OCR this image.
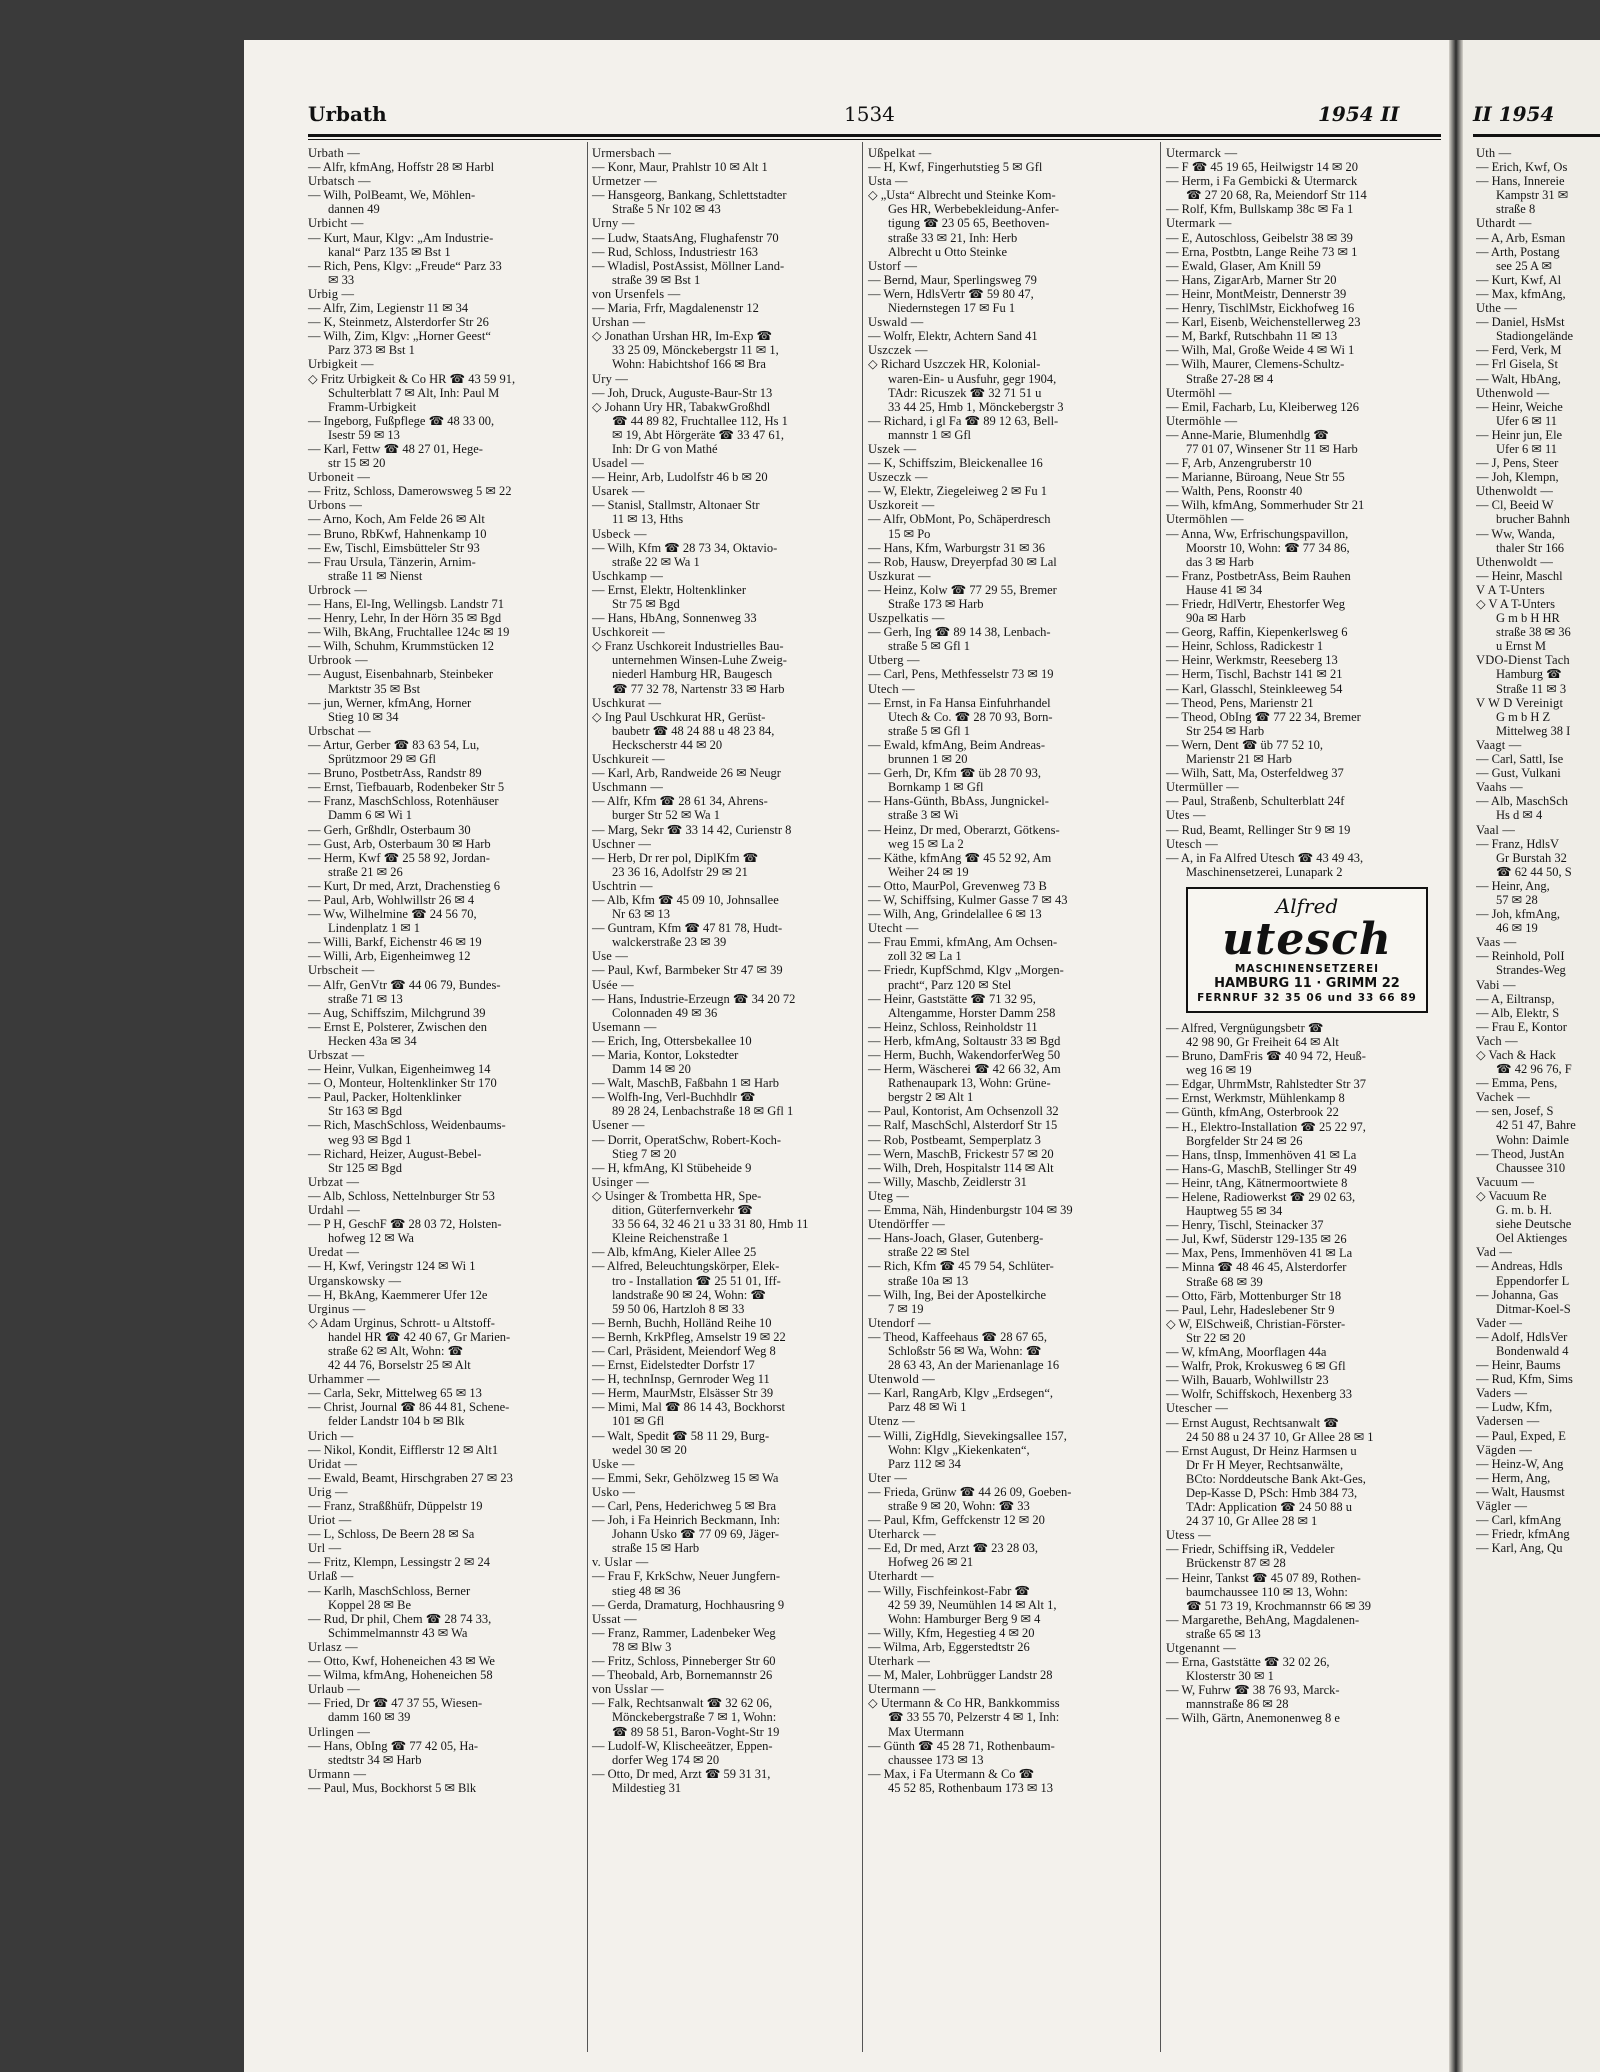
Urbath	1534	1954 II	II 1954

Urbath —

— Alfr, kfmAng, Hoffstr 28 ✉ Harbl

Urbatsch —

— Wilh, PolBeamt, We, Möhlen-

dannen 49

Urbicht —

— Kurt, Maur, Klgv: „Am Industrie-

kanal“ Parz 135 ✉ Bst 1

— Rich, Pens, Klgv: „Freude“ Parz 33

✉ 33

Urbig —

— Alfr, Zim, Legienstr 11 ✉ 34

— K, Steinmetz, Alsterdorfer Str 26

— Wilh, Zim, Klgv: „Horner Geest“

Parz 373 ✉ Bst 1

Urbigkeit —

◇ Fritz Urbigkeit & Co HR ☎ 43 59 91,

Schulterblatt 7 ✉ Alt, Inh: Paul M

Framm-Urbigkeit

— Ingeborg, Fußpflege ☎ 48 33 00,

Isestr 59 ✉ 13

— Karl, Fettw ☎ 48 27 01, Hege-

str 15 ✉ 20

Urboneit —

— Fritz, Schloss, Damerowsweg 5 ✉ 22

Urbons —

— Arno, Koch, Am Felde 26 ✉ Alt

— Bruno, RbKwf, Hahnenkamp 10

— Ew, Tischl, Eimsbütteler Str 93

— Frau Ursula, Tänzerin, Arnim-

straße 11 ✉ Nienst

Urbrock —

— Hans, El-Ing, Wellingsb. Landstr 71

— Henry, Lehr, In der Hörn 35 ✉ Bgd

— Wilh, BkAng, Fruchtallee 124c ✉ 19

— Wilh, Schuhm, Krummstücken 12

Urbrook —

— August, Eisenbahnarb, Steinbeker

Marktstr 35 ✉ Bst

— jun, Werner, kfmAng, Horner

Stieg 10 ✉ 34

Urbschat —

— Artur, Gerber ☎ 83 63 54, Lu,

Sprützmoor 29 ✉ Gfl

— Bruno, PostbetrAss, Randstr 89

— Ernst, Tiefbauarb, Rodenbeker Str 5

— Franz, MaschSchloss, Rotenhäuser

Damm 6 ✉ Wi 1

— Gerh, Grßhdlr, Osterbaum 30

— Gust, Arb, Osterbaum 30 ✉ Harb

— Herm, Kwf ☎ 25 58 92, Jordan-

straße 21 ✉ 26

— Kurt, Dr med, Arzt, Drachenstieg 6

— Paul, Arb, Wohlwillstr 26 ✉ 4

— Ww, Wilhelmine ☎ 24 56 70,

Lindenplatz 1 ✉ 1

— Willi, Barkf, Eichenstr 46 ✉ 19

— Willi, Arb, Eigenheimweg 12

Urbscheit —

— Alfr, GenVtr ☎ 44 06 79, Bundes-

straße 71 ✉ 13

— Aug, Schiffszim, Milchgrund 39

— Ernst E, Polsterer, Zwischen den

Hecken 43a ✉ 34

Urbszat —

— Heinr, Vulkan, Eigenheimweg 14

— O, Monteur, Holtenklinker Str 170

— Paul, Packer, Holtenklinker

Str 163 ✉ Bgd

— Rich, MaschSchloss, Weidenbaums-

weg 93 ✉ Bgd 1

— Richard, Heizer, August-Bebel-

Str 125 ✉ Bgd

Urbzat —

— Alb, Schloss, Nettelnburger Str 53

Urdahl —

— P H, GeschF ☎ 28 03 72, Holsten-

hofweg 12 ✉ Wa

Uredat —

— H, Kwf, Veringstr 124 ✉ Wi 1

Urganskowsky —

— H, BkAng, Kaemmerer Ufer 12e

Urginus —

◇ Adam Urginus, Schrott- u Altstoff-

handel HR ☎ 42 40 67, Gr Marien-

straße 62 ✉ Alt, Wohn: ☎

42 44 76, Borselstr 25 ✉ Alt

Urhammer —

— Carla, Sekr, Mittelweg 65 ✉ 13

— Christ, Journal ☎ 86 44 81, Schene-

felder Landstr 104 b ✉ Blk

Urich —

— Nikol, Kondit, Eifflerstr 12 ✉ Alt1

Uridat —

— Ewald, Beamt, Hirschgraben 27 ✉ 23

Urig —

— Franz, Straßßhüfr, Düppelstr 19

Uriot —

— L, Schloss, De Beern 28 ✉ Sa

Url —

— Fritz, Klempn, Lessingstr 2 ✉ 24

Urlaß —

— Karlh, MaschSchloss, Berner

Koppel 28 ✉ Be

— Rud, Dr phil, Chem ☎ 28 74 33,

Schimmelmannstr 43 ✉ Wa

Urlasz —

— Otto, Kwf, Hoheneichen 43 ✉ We

— Wilma, kfmAng, Hoheneichen 58

Urlaub —

— Fried, Dr ☎ 47 37 55, Wiesen-

damm 160 ✉ 39

Urlingen —

— Hans, ObIng ☎ 77 42 05, Ha-

stedtstr 34 ✉ Harb

Urmann —

— Paul, Mus, Bockhorst 5 ✉ Blk

Urmersbach —

— Konr, Maur, Prahlstr 10 ✉ Alt 1

Urmetzer —

— Hansgeorg, Bankang, Schlettstadter

Straße 5 Nr 102 ✉ 43

Urny —

— Ludw, StaatsAng, Flughafenstr 70

— Rud, Schloss, Industriestr 163

— Wladisl, PostAssist, Möllner Land-

straße 39 ✉ Bst 1

von Ursenfels —

— Maria, Frfr, Magdalenenstr 12

Urshan —

◇ Jonathan Urshan HR, Im-Exp ☎

33 25 09, Mönckebergstr 11 ✉ 1,

Wohn: Habichtshof 166 ✉ Bra

Ury —

— Joh, Druck, Auguste-Baur-Str 13

◇ Johann Ury HR, TabakwGroßhdl

☎ 44 89 82, Fruchtallee 112, Hs 1

✉ 19, Abt Hörgeräte ☎ 33 47 61,

Inh: Dr G von Mathé

Usadel —

— Heinr, Arb, Ludolfstr 46 b ✉ 20

Usarek —

— Stanisl, Stallmstr, Altonaer Str

11 ✉ 13, Hths

Usbeck —

— Wilh, Kfm ☎ 28 73 34, Oktavio-

straße 22 ✉ Wa 1

Uschkamp —

— Ernst, Elektr, Holtenklinker

Str 75 ✉ Bgd

— Hans, HbAng, Sonnenweg 33

Uschkoreit —

◇ Franz Uschkoreit Industrielles Bau-

unternehmen Winsen-Luhe Zweig-

niederl Hamburg HR, Baugesch

☎ 77 32 78, Nartenstr 33 ✉ Harb

Uschkurat —

◇ Ing Paul Uschkurat HR, Gerüst-

baubetr ☎ 48 24 88 u 48 23 84,

Heckscherstr 44 ✉ 20

Uschkureit —

— Karl, Arb, Randweide 26 ✉ Neugr

Uschmann —

— Alfr, Kfm ☎ 28 61 34, Ahrens-

burger Str 52 ✉ Wa 1

— Marg, Sekr ☎ 33 14 42, Curienstr 8

Uschner —

— Herb, Dr rer pol, DiplKfm ☎

23 36 16, Adolfstr 29 ✉ 21

Uschtrin —

— Alb, Kfm ☎ 45 09 10, Johnsallee

Nr 63 ✉ 13

— Guntram, Kfm ☎ 47 81 78, Hudt-

walckerstraße 23 ✉ 39

Use —

— Paul, Kwf, Barmbeker Str 47 ✉ 39

Usée —

— Hans, Industrie-Erzeugn ☎ 34 20 72

Colonnaden 49 ✉ 36

Usemann —

— Erich, Ing, Ottersbekallee 10

— Maria, Kontor, Lokstedter

Damm 14 ✉ 20

— Walt, MaschB, Faßbahn 1 ✉ Harb

— Wolfh-Ing, Verl-Buchhdlr ☎

89 28 24, Lenbachstraße 18 ✉ Gfl 1

Usener —

— Dorrit, OperatSchw, Robert-Koch-

Stieg 7 ✉ 20

— H, kfmAng, Kl Stübeheide 9

Usinger —

◇ Usinger & Trombetta HR, Spe-

dition, Güterfernverkehr ☎

33 56 64, 32 46 21 u 33 31 80, Hmb 11

Kleine Reichenstraße 1

— Alb, kfmAng, Kieler Allee 25

— Alfred, Beleuchtungskörper, Elek-

tro - Installation ☎ 25 51 01, Iff-

landstraße 90 ✉ 24, Wohn: ☎

59 50 06, Hartzloh 8 ✉ 33

— Bernh, Buchh, Holländ Reihe 10

— Bernh, KrkPfleg, Amselstr 19 ✉ 22

— Carl, Präsident, Meiendorf Weg 8

— Ernst, Eidelstedter Dorfstr 17

— H, technInsp, Gernroder Weg 11

— Herm, MaurMstr, Elsässer Str 39

— Mimi, Mal ☎ 86 14 43, Bockhorst

101 ✉ Gfl

— Walt, Spedit ☎ 58 11 29, Burg-

wedel 30 ✉ 20

Uske —

— Emmi, Sekr, Gehölzweg 15 ✉ Wa

Usko —

— Carl, Pens, Hederichweg 5 ✉ Bra

— Joh, i Fa Heinrich Beckmann, Inh:

Johann Usko ☎ 77 09 69, Jäger-

straße 15 ✉ Harb

v. Uslar —

— Frau F, KrkSchw, Neuer Jungfern-

stieg 48 ✉ 36

— Gerda, Dramaturg, Hochhausring 9

Ussat —

— Franz, Rammer, Ladenbeker Weg

78 ✉ Blw 3

— Fritz, Schloss, Pinneberger Str 60

— Theobald, Arb, Bornemannstr 26

von Usslar —

— Falk, Rechtsanwalt ☎ 32 62 06,

Mönckebergstraße 7 ✉ 1, Wohn:

☎ 89 58 51, Baron-Voght-Str 19

— Ludolf-W, Klischeeätzer, Eppen-

dorfer Weg 174 ✉ 20

— Otto, Dr med, Arzt ☎ 59 31 31,

Mildestieg 31

Ußpelkat —

— H, Kwf, Fingerhutstieg 5 ✉ Gfl

Usta —

◇ „Usta“ Albrecht und Steinke Kom-

Ges HR, Werbebekleidung-Anfer-

tigung ☎ 23 05 65, Beethoven-

straße 33 ✉ 21, Inh: Herb

Albrecht u Otto Steinke

Ustorf —

— Bernd, Maur, Sperlingsweg 79

— Wern, HdlsVertr ☎ 59 80 47,

Niedernstegen 17 ✉ Fu 1

Uswald —

— Wolfr, Elektr, Achtern Sand 41

Uszczek —

◇ Richard Uszczek HR, Kolonial-

waren-Ein- u Ausfuhr, gegr 1904,

TAdr: Ricuszek ☎ 32 71 51 u

33 44 25, Hmb 1, Mönckebergstr 3

— Richard, i gl Fa ☎ 89 12 63, Bell-

mannstr 1 ✉ Gfl

Uszek —

— K, Schiffszim, Bleickenallee 16

Uszeczk —

— W, Elektr, Ziegeleiweg 2 ✉ Fu 1

Uszkoreit —

— Alfr, ObMont, Po, Schäperdresch

15 ✉ Po

— Hans, Kfm, Warburgstr 31 ✉ 36

— Rob, Hausw, Dreyerpfad 30 ✉ Lal

Uszkurat —

— Heinz, Kolw ☎ 77 29 55, Bremer

Straße 173 ✉ Harb

Uszpelkatis —

— Gerh, Ing ☎ 89 14 38, Lenbach-

straße 5 ✉ Gfl 1

Utberg —

— Carl, Pens, Methfesselstr 73 ✉ 19

Utech —

— Ernst, in Fa Hansa Einfuhrhandel

Utech & Co. ☎ 28 70 93, Born-

straße 5 ✉ Gfl 1

— Ewald, kfmAng, Beim Andreas-

brunnen 1 ✉ 20

— Gerh, Dr, Kfm ☎ üb 28 70 93,

Bornkamp 1 ✉ Gfl

— Hans-Günth, BbAss, Jungnickel-

straße 3 ✉ Wi

— Heinz, Dr med, Oberarzt, Götkens-

weg 15 ✉ La 2

— Käthe, kfmAng ☎ 45 52 92, Am

Weiher 24 ✉ 19

— Otto, MaurPol, Grevenweg 73 B

— W, Schiffsing, Kulmer Gasse 7 ✉ 43

— Wilh, Ang, Grindelallee 6 ✉ 13

Utecht —

— Frau Emmi, kfmAng, Am Ochsen-

zoll 32 ✉ La 1

— Friedr, KupfSchmd, Klgv „Morgen-

pracht“, Parz 120 ✉ Stel

— Heinr, Gaststätte ☎ 71 32 95,

Altengamme, Horster Damm 258

— Heinz, Schloss, Reinholdstr 11

— Herb, kfmAng, Soltaustr 33 ✉ Bgd

— Herm, Buchh, WakendorferWeg 50

— Herm, Wäscherei ☎ 42 66 32, Am

Rathenaupark 13, Wohn: Grüne-

bergstr 2 ✉ Alt 1

— Paul, Kontorist, Am Ochsenzoll 32

— Ralf, MaschSchl, Alsterdorf Str 15

— Rob, Postbeamt, Semperplatz 3

— Wern, MaschB, Frickestr 57 ✉ 20

— Wilh, Dreh, Hospitalstr 114 ✉ Alt

— Willy, Maschb, Zeidlerstr 31

Uteg —

— Emma, Näh, Hindenburgstr 104 ✉ 39

Utendörffer —

— Hans-Joach, Glaser, Gutenberg-

straße 22 ✉ Stel

— Rich, Kfm ☎ 45 79 54, Schlüter-

straße 10a ✉ 13

— Wilh, Ing, Bei der Apostelkirche

7 ✉ 19

Utendorf —

— Theod, Kaffeehaus ☎ 28 67 65,

Schloßstr 56 ✉ Wa, Wohn: ☎

28 63 43, An der Marienanlage 16

Utenwold —

— Karl, RangArb, Klgv „Erdsegen“,

Parz 48 ✉ Wi 1

Utenz —

— Willi, ZigHdlg, Sievekingsallee 157,

Wohn: Klgv „Kiekenkaten“,

Parz 112 ✉ 34

Uter —

— Frieda, Grünw ☎ 44 26 09, Goeben-

straße 9 ✉ 20, Wohn: ☎ 33

— Paul, Kfm, Geffckenstr 12 ✉ 20

Uterharck —

— Ed, Dr med, Arzt ☎ 23 28 03,

Hofweg 26 ✉ 21

Uterhardt —

— Willy, Fischfeinkost-Fabr ☎

42 59 39, Neumühlen 14 ✉ Alt 1,

Wohn: Hamburger Berg 9 ✉ 4

— Willy, Kfm, Hegestieg 4 ✉ 20

— Wilma, Arb, Eggerstedtstr 26

Uterhark —

— M, Maler, Lohbrügger Landstr 28

Utermann —

◇ Utermann & Co HR, Bankkommiss

☎ 33 55 70, Pelzerstr 4 ✉ 1, Inh:

Max Utermann

— Günth ☎ 45 28 71, Rothenbaum-

chaussee 173 ✉ 13

— Max, i Fa Utermann & Co ☎

45 52 85, Rothenbaum 173 ✉ 13

Utermarck —

— F ☎ 45 19 65, Heilwigstr 14 ✉ 20

— Herm, i Fa Gembicki & Utermarck

☎ 27 20 68, Ra, Meiendorf Str 114

— Rolf, Kfm, Bullskamp 38c ✉ Fa 1

Utermark —

— E, Autoschloss, Geibelstr 38 ✉ 39

— Erna, Postbtn, Lange Reihe 73 ✉ 1

— Ewald, Glaser, Am Knill 59

— Hans, ZigarArb, Marner Str 20

— Heinr, MontMeistr, Dennerstr 39

— Henry, TischlMstr, Eickhofweg 16

— Karl, Eisenb, Weichenstellerweg 23

— M, Barkf, Rutschbahn 11 ✉ 13

— Wilh, Mal, Große Weide 4 ✉ Wi 1

— Wilh, Maurer, Clemens-Schultz-

Straße 27-28 ✉ 4

Utermöhl —

— Emil, Facharb, Lu, Kleiberweg 126

Utermöhle —

— Anne-Marie, Blumenhdlg ☎

77 01 07, Winsener Str 11 ✉ Harb

— F, Arb, Anzengruberstr 10

— Marianne, Büroang, Neue Str 55

— Walth, Pens, Roonstr 40

— Wilh, kfmAng, Sommerhuder Str 21

Utermöhlen —

— Anna, Ww, Erfrischungspavillon,

Moorstr 10, Wohn: ☎ 77 34 86,

das 3 ✉ Harb

— Franz, PostbetrAss, Beim Rauhen

Hause 41 ✉ 34

— Friedr, HdlVertr, Ehestorfer Weg

90a ✉ Harb

— Georg, Raffin, Kiepenkerlsweg 6

— Heinr, Schloss, Radickestr 1

— Heinr, Werkmstr, Reeseberg 13

— Herm, Tischl, Bachstr 141 ✉ 21

— Karl, Glasschl, Steinkleeweg 54

— Theod, Pens, Marienstr 21

— Theod, ObIng ☎ 77 22 34, Bremer

Str 254 ✉ Harb

— Wern, Dent ☎ üb 77 52 10,

Marienstr 21 ✉ Harb

— Wilh, Satt, Ma, Osterfeldweg 37

Utermüller —

— Paul, Straßenb, Schulterblatt 24f

Utes —

— Rud, Beamt, Rellinger Str 9 ✉ 19

Utesch —

— A, in Fa Alfred Utesch ☎ 43 49 43,

Maschinensetzerei, Lunapark 2

Alfred
utesch
MASCHINENSETZEREI
HAMBURG 11 · GRIMM 22
FERNRUF 32 35 06 und 33 66 89

— Alfred, Vergnügungsbetr ☎

42 98 90, Gr Freiheit 64 ✉ Alt

— Bruno, DamFris ☎ 40 94 72, Heuß-

weg 16 ✉ 19

— Edgar, UhrmMstr, Rahlstedter Str 37

— Ernst, Werkmstr, Mühlenkamp 8

— Günth, kfmAng, Osterbrook 22

— H., Elektro-Installation ☎ 25 22 97,

Borgfelder Str 24 ✉ 26

— Hans, tInsp, Immenhöven 41 ✉ La

— Hans-G, MaschB, Stellinger Str 49

— Heinr, tAng, Kätnermoortwiete 8

— Helene, Radiowerkst ☎ 29 02 63,

Hauptweg 55 ✉ 34

— Henry, Tischl, Steinacker 37

— Jul, Kwf, Süderstr 129-135 ✉ 26

— Max, Pens, Immenhöven 41 ✉ La

— Minna ☎ 48 46 45, Alsterdorfer

Straße 68 ✉ 39

— Otto, Färb, Mottenburger Str 18

— Paul, Lehr, Hadeslebener Str 9

◇ W, ElSchweiß, Christian-Förster-

Str 22 ✉ 20

— W, kfmAng, Moorflagen 44a

— Walfr, Prok, Krokusweg 6 ✉ Gfl

— Wilh, Bauarb, Wohlwillstr 23

— Wolfr, Schiffskoch, Hexenberg 33

Utescher —

— Ernst August, Rechtsanwalt ☎

24 50 88 u 24 37 10, Gr Allee 28 ✉ 1

— Ernst August, Dr Heinz Harmsen u

Dr Fr H Meyer, Rechtsanwälte,

BCto: Norddeutsche Bank Akt-Ges,

Dep-Kasse D, PSch: Hmb 384 73,

TAdr: Application ☎ 24 50 88 u

24 37 10, Gr Allee 28 ✉ 1

Utess —

— Friedr, Schiffsing iR, Veddeler

Brückenstr 87 ✉ 28

— Heinr, Tankst ☎ 45 07 89, Rothen-

baumchaussee 110 ✉ 13, Wohn:

☎ 51 73 19, Krochmannstr 66 ✉ 39

— Margarethe, BehAng, Magdalenen-

straße 65 ✉ 13

Utgenannt —

— Erna, Gaststätte ☎ 32 02 26,

Klosterstr 30 ✉ 1

— W, Fuhrw ☎ 38 76 93, Marck-

mannstraße 86 ✉ 28

— Wilh, Gärtn, Anemonenweg 8 e

Uth —

— Erich, Kwf, Os

— Hans, Innereie

Kampstr 31 ✉

straße 8

Uthardt —

— A, Arb, Esman

— Arth, Postang

see 25 A ✉

— Kurt, Kwf, Al

— Max, kfmAng,

Uthe —

— Daniel, HsMst

Stadiongelände

— Ferd, Verk, M

— Frl Gisela, St

— Walt, HbAng,

Uthenwold —

— Heinr, Weiche

Ufer 6 ✉ 11

— Heinr jun, Ele

Ufer 6 ✉ 11

— J, Pens, Steer

— Joh, Klempn,

Uthenwoldt —

— Cl, Beeid W

brucher Bahnh

— Ww, Wanda,

thaler Str 166

Uthenwoldt —

— Heinr, Maschl

V A T-Unters

◇ V A T-Unters

G m b H HR

straße 38 ✉ 36

u Ernst M

VDO-Dienst Tach

Hamburg ☎

Straße 11 ✉ 3

V W D Vereinigt

G m b H Z

Mittelweg 38 I

Vaagt —

— Carl, Sattl, Ise

— Gust, Vulkani

Vaahs —

— Alb, MaschSch

Hs d ✉ 4

Vaal —

— Franz, HdlsV

Gr Burstah 32

☎ 62 44 50, S

— Heinr, Ang,

57 ✉ 28

— Joh, kfmAng,

46 ✉ 19

Vaas —

— Reinhold, PolI

Strandes-Weg

Vabi —

— A, Eiltransp,

— Alb, Elektr, S

— Frau E, Kontor

Vach —

◇ Vach & Hack

☎ 42 96 76, F

— Emma, Pens,

Vachek —

— sen, Josef, S

42 51 47, Bahre

Wohn: Daimle

— Theod, JustAn

Chaussee 310

Vacuum —

◇ Vacuum Re

G. m. b. H.

siehe Deutsche

Oel Aktienges

Vad —

— Andreas, Hdls

Eppendorfer L

— Johanna, Gas

Ditmar-Koel-S

Vader —

— Adolf, HdlsVer

Bondenwald 4

— Heinr, Baums

— Rud, Kfm, Sims

Vaders —

— Ludw, Kfm,

Vadersen —

— Paul, Exped, E

Vägden —

— Heinz-W, Ang

— Herm, Ang,

— Walt, Hausmst

Vägler —

— Carl, kfmAng

— Friedr, kfmAng

— Karl, Ang, Qu
